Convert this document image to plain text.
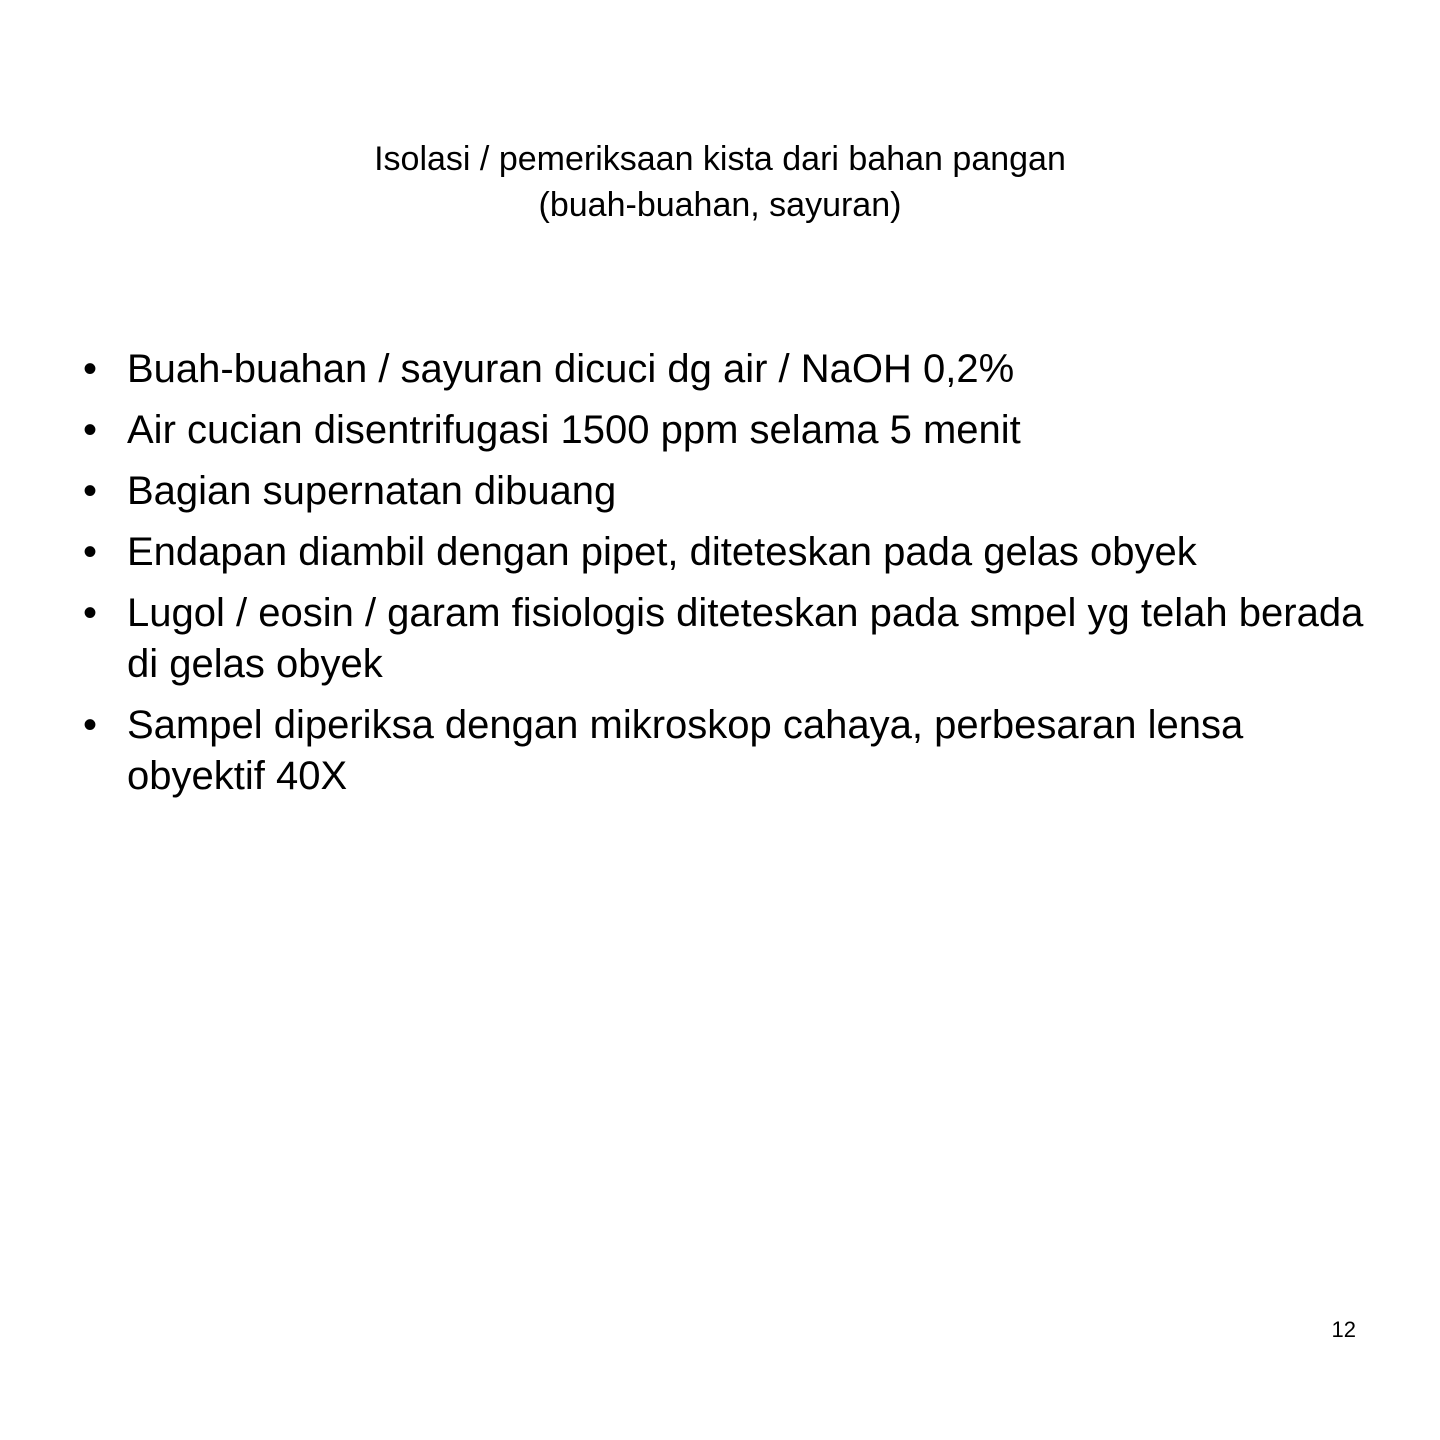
Isolasi / pemeriksaan kista dari bahan pangan
(buah-buahan, sayuran)
• Buah-buahan / sayuran dicuci dg air / NaOH 0,2%
• Air cucian disentrifugasi 1500 ppm selama 5 menit
• Bagian supernatan dibuang
• Endapan diambil dengan pipet, diteteskan pada gelas obyek
• Lugol / eosin / garam fisiologis diteteskan pada smpel yg telah berada di gelas obyek
• Sampel diperiksa dengan mikroskop cahaya, perbesaran lensa obyektif 40X
12
